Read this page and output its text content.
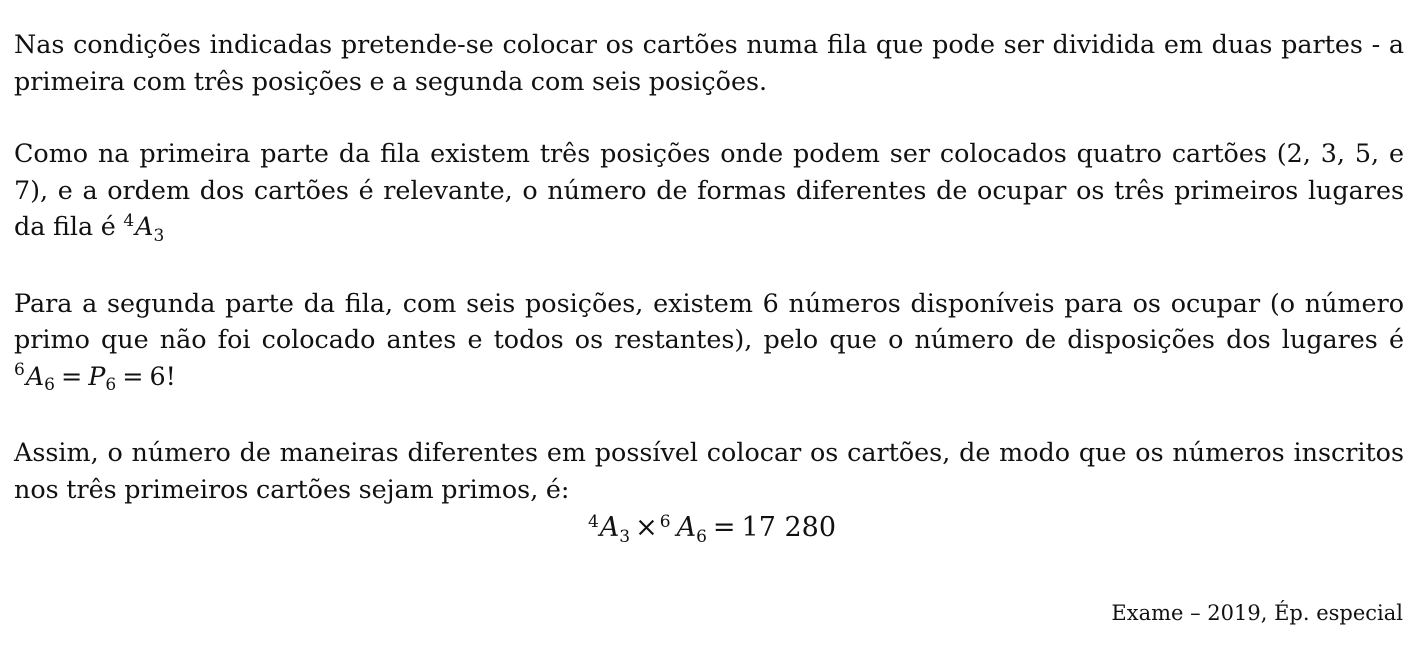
Nas condições indicadas pretende-se colocar os cartões numa fila que pode ser dividida em duas partes - a primeira com três posições e a segunda com seis posições.

Como na primeira parte da fila existem três posições onde podem ser colocados quatro cartões (2, 3, 5, e 7), e a ordem dos cartões é relevante, o número de formas diferentes de ocupar os três primeiros lugares da fila é $^4A_3$

Para a segunda parte da fila, com seis posições, existem 6 números disponíveis para os ocupar (o número primo que não foi colocado antes e todos os restantes), pelo que o número de disposições dos lugares é $^6A_6 = P_6 = 6$!

Assim, o número de maneiras diferentes em possível colocar os cartões, de modo que os números inscritos nos três primeiros cartões sejam primos, é:

$^4A_3 \times ^6$ $A_6 = 17$ 280
Exame – 2019, Ép. especial
